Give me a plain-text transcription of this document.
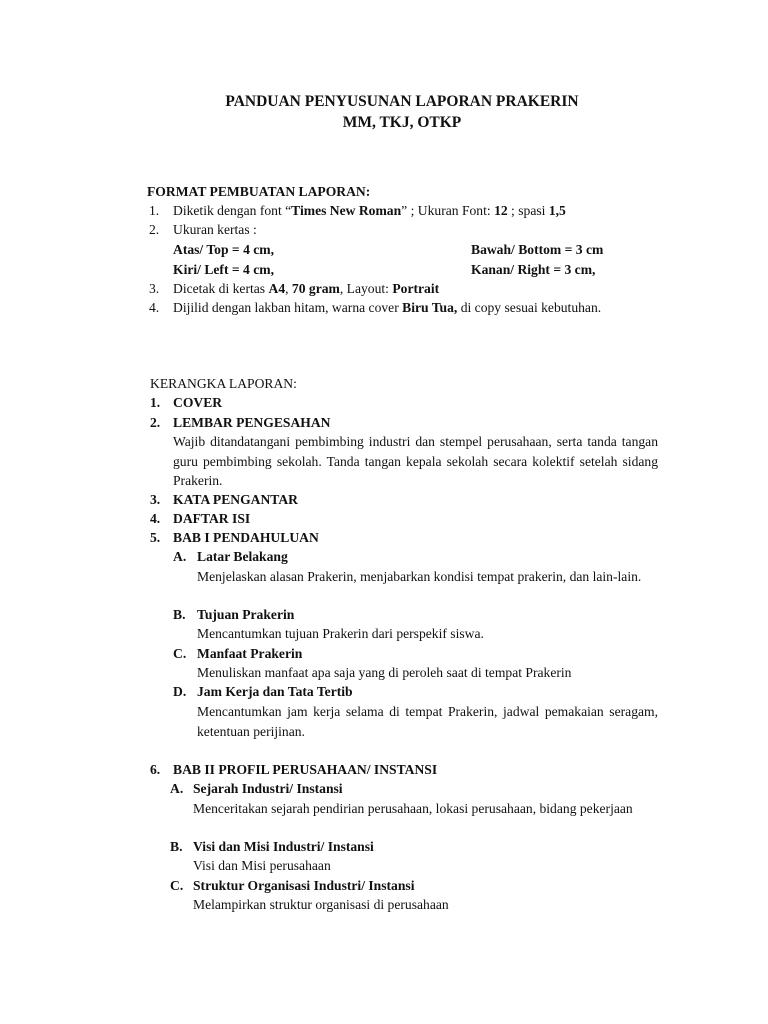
PANDUAN PENYUSUNAN LAPORAN PRAKERIN
MM, TKJ, OTKP
FORMAT PEMBUATAN LAPORAN:
1. Diketik dengan font “Times New Roman” ; Ukuran Font: 12 ; spasi 1,5
2. Ukuran kertas :
Atas/ Top = 4 cm,	Bawah/ Bottom = 3 cm
Kiri/ Left = 4 cm,	Kanan/ Right = 3 cm,
3. Dicetak di kertas A4, 70 gram, Layout: Portrait
4. Dijilid dengan lakban hitam, warna cover Biru Tua, di copy sesuai kebutuhan.
KERANGKA LAPORAN:
1. COVER
2. LEMBAR PENGESAHAN
Wajib ditandatangani pembimbing industri dan stempel perusahaan, serta tanda tangan guru pembimbing sekolah. Tanda tangan kepala sekolah secara kolektif setelah sidang Prakerin.
3. KATA PENGANTAR
4. DAFTAR ISI
5. BAB I PENDAHULUAN
A. Latar Belakang
Menjelaskan alasan Prakerin, menjabarkan kondisi tempat prakerin, dan lain-lain.
B. Tujuan Prakerin
Mencantumkan tujuan Prakerin dari perspekif siswa.
C. Manfaat Prakerin
Menuliskan manfaat apa saja yang di peroleh saat di tempat Prakerin
D. Jam Kerja dan Tata Tertib
Mencantumkan jam kerja selama di tempat Prakerin, jadwal pemakaian seragam, ketentuan perijinan.
6. BAB II PROFIL PERUSAHAAN/ INSTANSI
A. Sejarah Industri/ Instansi
Menceritakan sejarah pendirian perusahaan, lokasi perusahaan, bidang pekerjaan
B. Visi dan Misi Industri/ Instansi
Visi dan Misi perusahaan
C. Struktur Organisasi Industri/ Instansi
Melampirkan struktur organisasi di perusahaan
